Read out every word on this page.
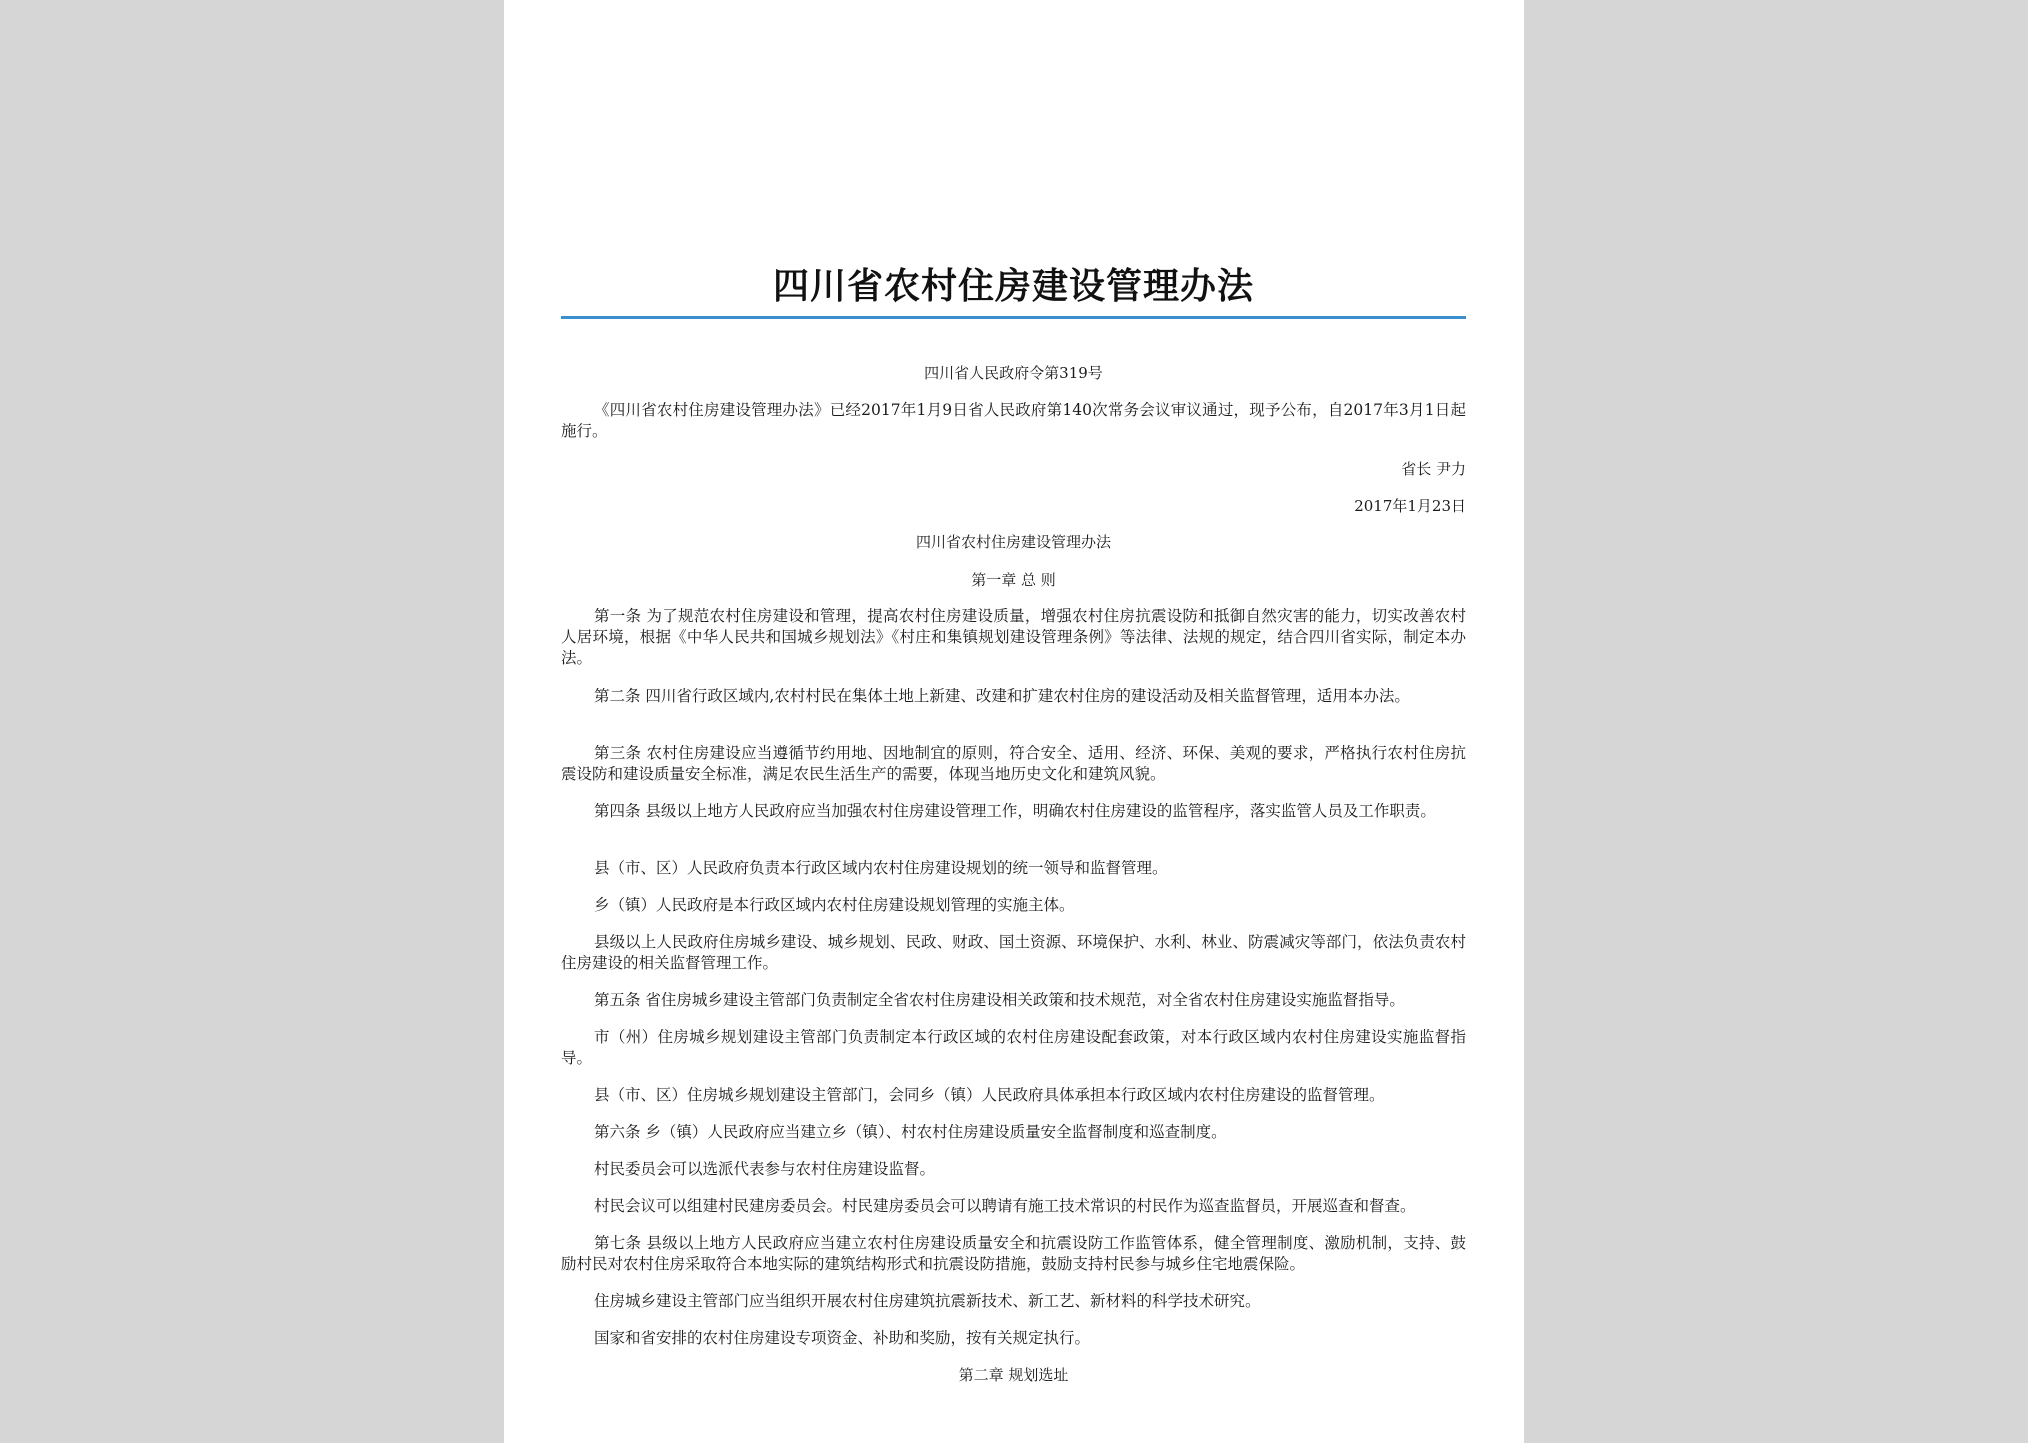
四川省农村住房建设管理办法
四川省人民政府令第319号

《四川省农村住房建设管理办法》已经2017年1月9日省人民政府第140次常务会议审议通过，现予公布，自2017年3月1日起施行。

省长 尹力
2017年1月23日
四川省农村住房建设管理办法
第一章 总 则

第一条 为了规范农村住房建设和管理，提高农村住房建设质量，增强农村住房抗震设防和抵御自然灾害的能力，切实改善农村人居环境，根据《中华人民共和国城乡规划法》《村庄和集镇规划建设管理条例》等法律、法规的规定，结合四川省实际，制定本办法。

第二条 四川省行政区域内,农村村民在集体土地上新建、改建和扩建农村住房的建设活动及相关监督管理，适用本办法。

第三条 农村住房建设应当遵循节约用地、因地制宜的原则，符合安全、适用、经济、环保、美观的要求，严格执行农村住房抗震设防和建设质量安全标准，满足农民生活生产的需要，体现当地历史文化和建筑风貌。

第四条 县级以上地方人民政府应当加强农村住房建设管理工作，明确农村住房建设的监管程序，落实监管人员及工作职责。

县（市、区）人民政府负责本行政区域内农村住房建设规划的统一领导和监督管理。

乡（镇）人民政府是本行政区域内农村住房建设规划管理的实施主体。

县级以上人民政府住房城乡建设、城乡规划、民政、财政、国土资源、环境保护、水利、林业、防震减灾等部门，依法负责农村住房建设的相关监督管理工作。

第五条 省住房城乡建设主管部门负责制定全省农村住房建设相关政策和技术规范，对全省农村住房建设实施监督指导。

市（州）住房城乡规划建设主管部门负责制定本行政区域的农村住房建设配套政策，对本行政区域内农村住房建设实施监督指导。

县（市、区）住房城乡规划建设主管部门，会同乡（镇）人民政府具体承担本行政区域内农村住房建设的监督管理。

第六条 乡（镇）人民政府应当建立乡（镇）、村农村住房建设质量安全监督制度和巡查制度。

村民委员会可以选派代表参与农村住房建设监督。

村民会议可以组建村民建房委员会。村民建房委员会可以聘请有施工技术常识的村民作为巡查监督员，开展巡查和督查。

第七条 县级以上地方人民政府应当建立农村住房建设质量安全和抗震设防工作监管体系，健全管理制度、激励机制，支持、鼓励村民对农村住房采取符合本地实际的建筑结构形式和抗震设防措施，鼓励支持村民参与城乡住宅地震保险。

住房城乡建设主管部门应当组织开展农村住房建筑抗震新技术、新工艺、新材料的科学技术研究。

国家和省安排的农村住房建设专项资金、补助和奖励，按有关规定执行。

第二章 规划选址
